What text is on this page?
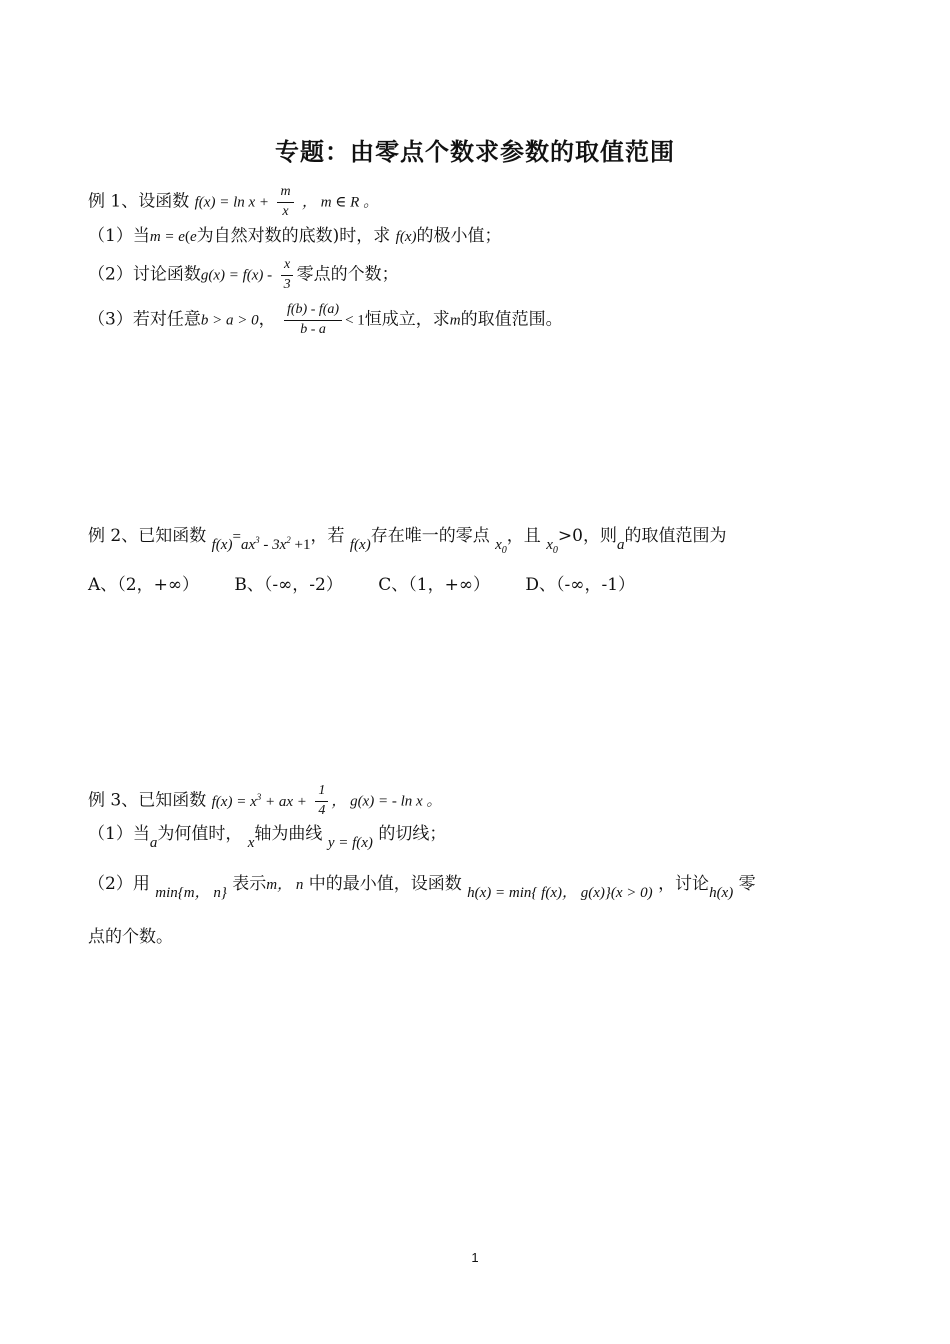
专题：由零点个数求参数的取值范围
例 1、设函数 $f(x) = \ln x + \frac{m}{x}$ ， m ∈ R 。
（1）当m = e(e为自然对数的底数)时，求 f(x)的极小值；
（2）讨论函数$g(x) = f(x) - \frac{x}{3}$ 零点的个数；
（3）若对任意b > a > 0， $\frac{f(b) - f(a)}{b - a} < 1$恒成立，求m的取值范围。
例 2、已知函数 $f(x)=ax^3 - 3x^2 +1$，若 f(x)存在唯一的零点 $x_0$，且 $x_0>0$，则a的取值范围为
A、（2，+∞） B、（-∞，-2） C、（1，+∞） D、（-∞，-1）
例 3、已知函数 $f(x) = x^3$ + ax + $\frac{1}{4}$ ， g(x) = - ln x 。
（1）当a为何值时， x轴为曲线 y = f(x) 的切线；
（2）用 min{m， n} 表示m， n 中的最小值，设函数 h(x) = min{ f(x)， g(x)}(x > 0) ，讨论h(x) 零
点的个数。
1
